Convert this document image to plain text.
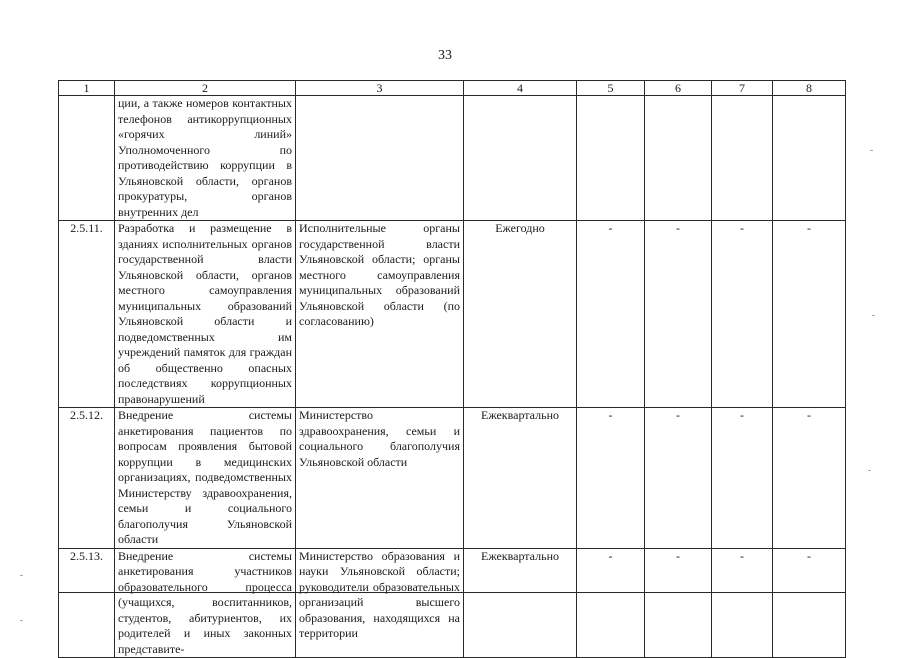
33
1	2	3	4	5	6	7	8
	ции, а также номеров контактных телефонов антикоррупционных «горячих линий» Уполномоченного по противодействию коррупции в Ульяновской области, органов прокуратуры, органов внутренних дел						
2.5.11.	Разработка и размещение в зданиях исполнительных органов государственной власти Ульяновской области, органов местного самоуправления муниципальных образований Ульяновской области и подведомственных им учреждений памяток для граждан об общественно опасных последствиях коррупционных правонарушений	Исполнительные органы государственной власти Ульяновской области; органы местного самоуправления муниципальных образований Ульяновской области (по согласованию)	Ежегодно	-	-	-	-
2.5.12.	Внедрение системы анкетирования пациентов по вопросам проявления бытовой коррупции в медицинских организациях, подведомственных Министерству здравоохранения, семьи и социального благополучия Ульяновской области	Министерство здравоохранения, семьи и социального благополучия Ульяновской области	Ежеквартально	-	-	-	-
2.5.13.	Внедрение системы анкетирования участников образовательного процесса (учащихся, воспитанников, студентов, абитуриентов, их родителей и иных законных представите-	Министерство образования и науки Ульяновской области; руководители образовательных организаций высшего образования, находящихся на территории	Ежеквартально	-	-	-	-
